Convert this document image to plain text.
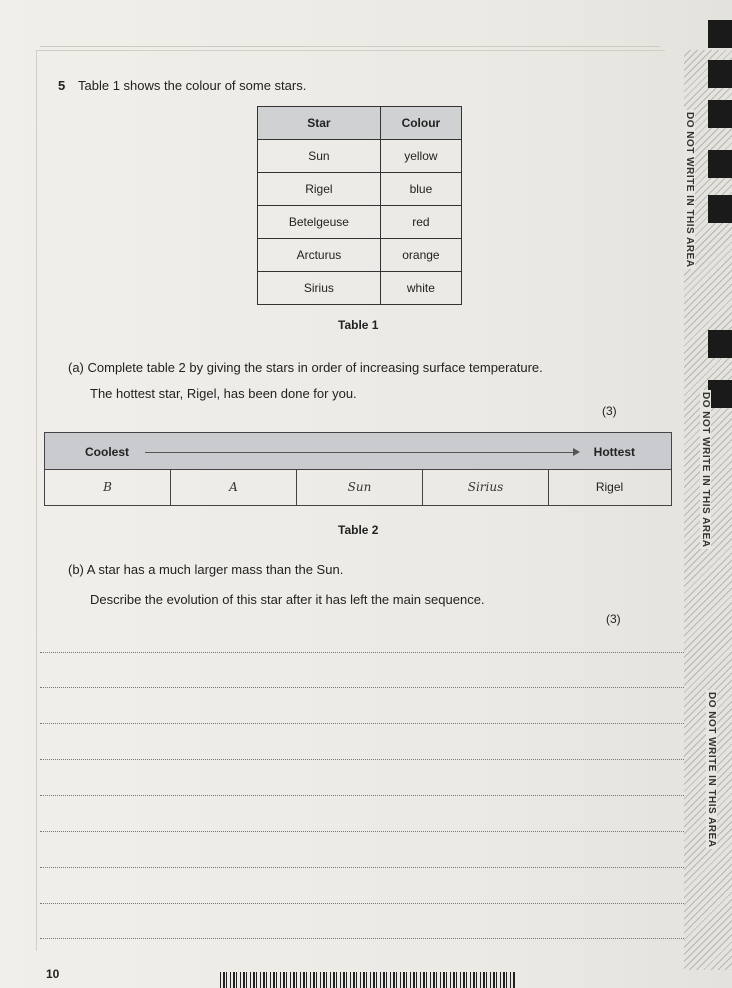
5 Table 1 shows the colour of some stars.
Star	Colour
Sun	yellow
Rigel	blue
Betelgeuse	red
Arcturus	orange
Sirius	white
Table 1
(a) Complete table 2 by giving the stars in order of increasing surface temperature.
The hottest star, Rigel, has been done for you.
(3)
Coolest	Hottest
B	A	Sun	Sirius	Rigel
Table 2
(b) A star has a much larger mass than the Sun.
Describe the evolution of this star after it has left the main sequence.
(3)
DO NOT WRITE IN THIS AREA
DO NOT WRITE IN THIS AREA
DO NOT WRITE IN THIS AREA
10
